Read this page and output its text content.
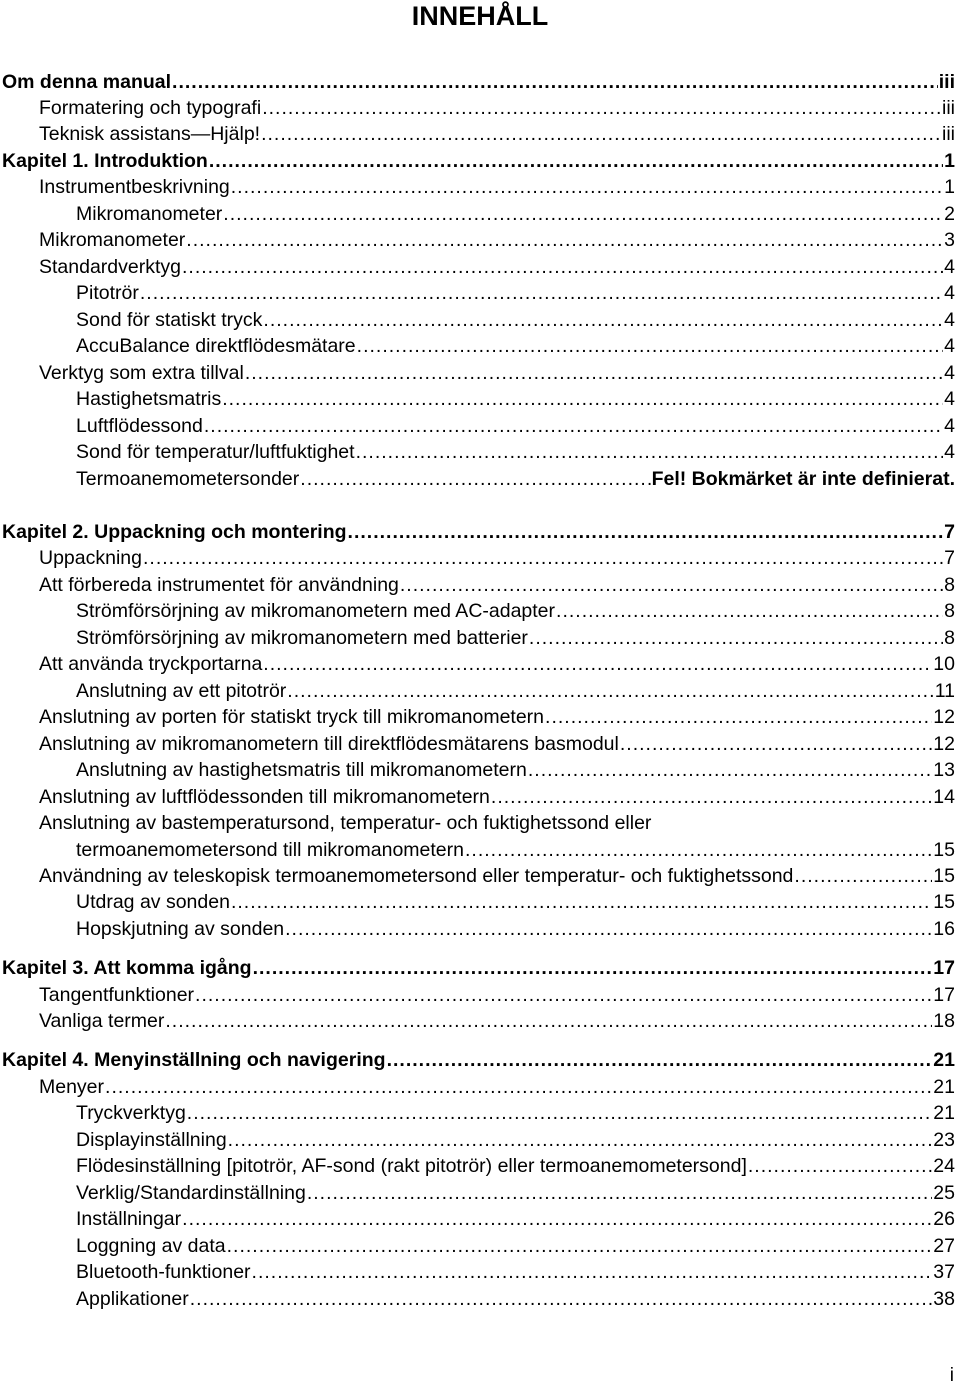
INNEHÅLL
Om denna manual .....	iii
Formatering och typografi .....	iii
Teknisk assistans—Hjälp! .....	iii
Kapitel 1. Introduktion .....	1
Instrumentbeskrivning .....	1
Mikromanometer .....	2
Mikromanometer .....	3
Standardverktyg .....	4
Pitotrör .....	4
Sond för statiskt tryck .....	4
AccuBalance direktflödesmätare .....	4
Verktyg som extra tillval .....	4
Hastighetsmatris .....	4
Luftflödessond .....	4
Sond för temperatur/luftfuktighet .....	4
Termoanemometersonder .....	Fel! Bokmärket är inte definierat.
Kapitel 2. Uppackning och montering .....	7
Uppackning .....	7
Att förbereda instrumentet för användning .....	8
Strömförsörjning av mikromanometern med AC-adapter .....	8
Strömförsörjning av mikromanometern med batterier .....	8
Att använda tryckportarna .....	10
Anslutning av ett pitotrör .....	11
Anslutning av porten för statiskt tryck till mikromanometern .....	12
Anslutning av mikromanometern till direktflödesmätarens basmodul .....	12
Anslutning av hastighetsmatris till mikromanometern .....	13
Anslutning av luftflödessonden till mikromanometern .....	14
Anslutning av bastemperatursond, temperatur- och fuktighetssond eller
termoanemometersond till mikromanometern .....	15
Användning av teleskopisk termoanemometersond eller temperatur- och fuktighetssond .....	15
Utdrag av sonden .....	15
Hopskjutning av sonden .....	16
Kapitel 3. Att komma igång .....	17
Tangentfunktioner .....	17
Vanliga termer .....	18
Kapitel 4. Menyinställning och navigering .....	21
Menyer .....	21
Tryckverktyg .....	21
Displayinställning .....	23
Flödesinställning [pitotrör, AF-sond (rakt pitotrör) eller termoanemometersond] .....	24
Verklig/Standardinställning .....	25
Inställningar .....	26
Loggning av data .....	27
Bluetooth-funktioner .....	37
Applikationer .....	38
i
